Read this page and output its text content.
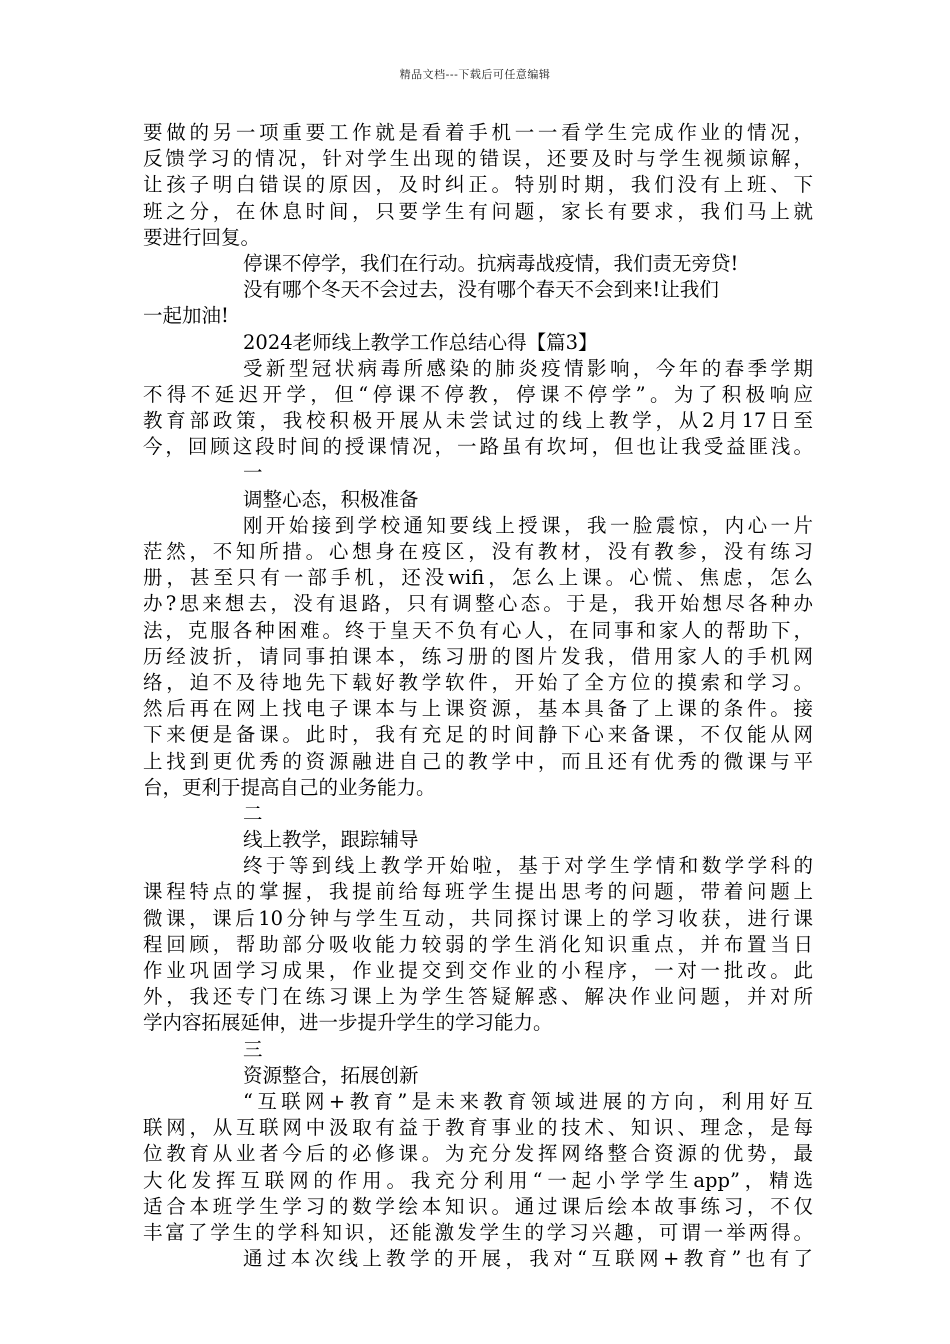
精品文档---下载后可任意编辑
要做的另一项重要工作就是看着手机一一看学生完成作业的情况，
反馈学习的情况，针对学生出现的错误，还要及时与学生视频谅解，
让孩子明白错误的原因，及时纠正。特别时期，我们没有上班、下
班之分，在休息时间，只要学生有问题，家长有要求，我们马上就
要进行回复。
停课不停学，我们在行动。抗病毒战疫情，我们责无旁贷!
没有哪个冬天不会过去，没有哪个春天不会到来!让我们
一起加油!
2024老师线上教学工作总结心得【篇3】
受新型冠状病毒所感染的肺炎疫情影响，今年的春季学期
不得不延迟开学，但“停课不停教，停课不停学”。为了积极响应
教育部政策，我校积极开展从未尝试过的线上教学，从2月17日至
今，回顾这段时间的授课情况，一路虽有坎坷，但也让我受益匪浅。
一
调整心态，积极准备
刚开始接到学校通知要线上授课，我一脸震惊，内心一片
茫然，不知所措。心想身在疫区，没有教材，没有教参，没有练习
册，甚至只有一部手机，还没wifi，怎么上课。心慌、焦虑，怎么
办?思来想去，没有退路，只有调整心态。于是，我开始想尽各种办
法，克服各种困难。终于皇天不负有心人，在同事和家人的帮助下，
历经波折，请同事拍课本，练习册的图片发我，借用家人的手机网
络，迫不及待地先下载好教学软件，开始了全方位的摸索和学习。
然后再在网上找电子课本与上课资源，基本具备了上课的条件。接
下来便是备课。此时，我有充足的时间静下心来备课，不仅能从网
上找到更优秀的资源融进自己的教学中，而且还有优秀的微课与平
台，更利于提高自己的业务能力。
二
线上教学，跟踪辅导
终于等到线上教学开始啦，基于对学生学情和数学学科的
课程特点的掌握，我提前给每班学生提出思考的问题，带着问题上
微课，课后10分钟与学生互动，共同探讨课上的学习收获，进行课
程回顾，帮助部分吸收能力较弱的学生消化知识重点，并布置当日
作业巩固学习成果，作业提交到交作业的小程序，一对一批改。此
外，我还专门在练习课上为学生答疑解惑、解决作业问题，并对所
学内容拓展延伸，进一步提升学生的学习能力。
三
资源整合，拓展创新
“互联网+教育”是未来教育领域进展的方向，利用好互
联网，从互联网中汲取有益于教育事业的技术、知识、理念，是每
位教育从业者今后的必修课。为充分发挥网络整合资源的优势，最
大化发挥互联网的作用。我充分利用“一起小学学生app”，精选
适合本班学生学习的数学绘本知识。通过课后绘本故事练习，不仅
丰富了学生的学科知识，还能激发学生的学习兴趣，可谓一举两得。
通过本次线上教学的开展，我对“互联网+教育”也有了
